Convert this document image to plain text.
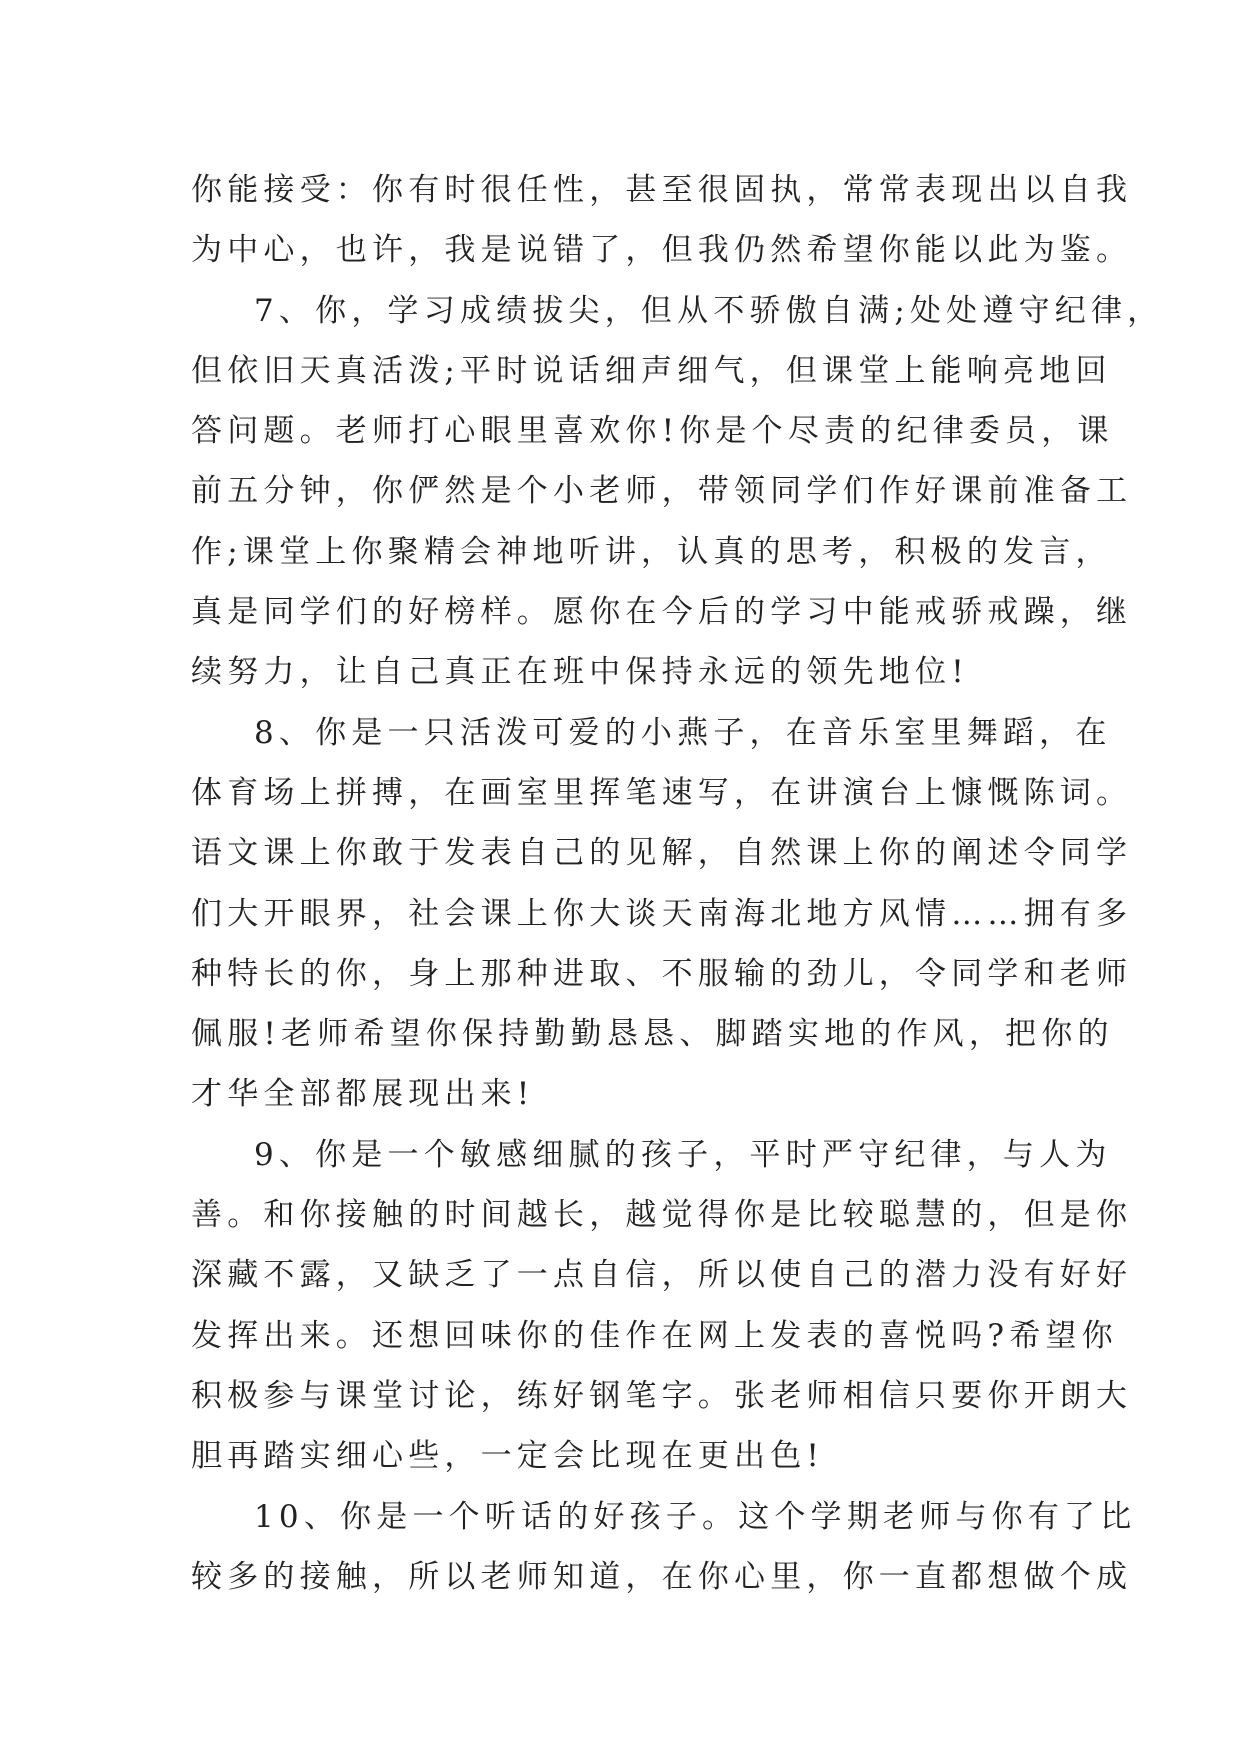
你能接受：你有时很任性，甚至很固执，常常表现出以自我
为中心，也许，我是说错了，但我仍然希望你能以此为鉴。
7、你，学习成绩拔尖，但从不骄傲自满;处处遵守纪律，
但依旧天真活泼;平时说话细声细气，但课堂上能响亮地回
答问题。老师打心眼里喜欢你!你是个尽责的纪律委员，课
前五分钟，你俨然是个小老师，带领同学们作好课前准备工
作;课堂上你聚精会神地听讲，认真的思考，积极的发言，
真是同学们的好榜样。愿你在今后的学习中能戒骄戒躁，继
续努力，让自己真正在班中保持永远的领先地位!
8、你是一只活泼可爱的小燕子，在音乐室里舞蹈，在
体育场上拼搏，在画室里挥笔速写，在讲演台上慷慨陈词。
语文课上你敢于发表自己的见解，自然课上你的阐述令同学
们大开眼界，社会课上你大谈天南海北地方风情……拥有多
种特长的你，身上那种进取、不服输的劲儿，令同学和老师
佩服!老师希望你保持勤勤恳恳、脚踏实地的作风，把你的
才华全部都展现出来!
9、你是一个敏感细腻的孩子，平时严守纪律，与人为
善。和你接触的时间越长，越觉得你是比较聪慧的，但是你
深藏不露，又缺乏了一点自信，所以使自己的潜力没有好好
发挥出来。还想回味你的佳作在网上发表的喜悦吗?希望你
积极参与课堂讨论，练好钢笔字。张老师相信只要你开朗大
胆再踏实细心些，一定会比现在更出色!
10、你是一个听话的好孩子。这个学期老师与你有了比
较多的接触，所以老师知道，在你心里，你一直都想做个成
